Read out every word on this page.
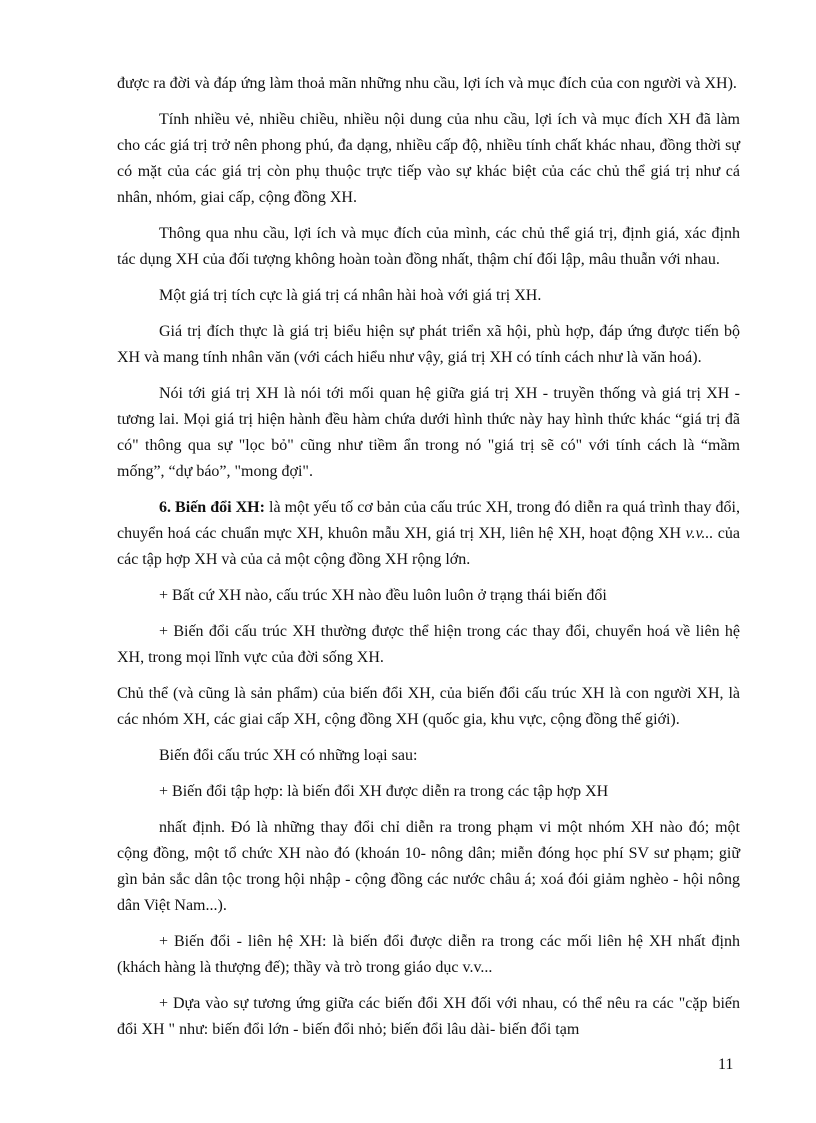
được ra đời và đáp ứng làm thoả mãn những nhu cầu, lợi ích và mục đích của con người và XH).

Tính nhiều vẻ, nhiều chiều, nhiều nội dung của nhu cầu, lợi ích và mục đích XH đã làm cho các giá trị trở nên phong phú, đa dạng, nhiều cấp độ, nhiều tính chất khác nhau, đồng thời sự có mặt của các giá trị còn phụ thuộc trực tiếp vào sự khác biệt của các chủ thể giá trị như cá nhân, nhóm, giai cấp, cộng đồng XH.

Thông qua nhu cầu, lợi ích và mục đích của mình, các chủ thể giá trị, định giá, xác định tác dụng XH của đối tượng không hoàn toàn đồng nhất, thậm chí đối lập, mâu thuẫn với nhau.

Một giá trị tích cực là giá trị cá nhân hài hoà với giá trị XH.

Giá trị đích thực là giá trị biểu hiện sự phát triển xã hội, phù hợp, đáp ứng được tiến bộ XH và mang tính nhân văn (với cách hiểu như vậy, giá trị XH có tính cách như là văn hoá).

Nói tới giá trị XH là nói tới mối quan hệ giữa giá trị XH - truyền thống và giá trị XH - tương lai. Mọi giá trị hiện hành đều hàm chứa dưới hình thức này hay hình thức khác “giá trị đã có" thông qua sự "lọc bỏ" cũng như tiềm ẩn trong nó "giá trị sẽ có" với tính cách là “mầm mống”, “dự báo”, "mong đợi".

6. Biến đổi XH: là một yếu tố cơ bản của cấu trúc XH, trong đó diễn ra quá trình thay đổi, chuyển hoá các chuẩn mực XH, khuôn mẫu XH, giá trị XH, liên hệ XH, hoạt động XH v.v... của các tập hợp XH và của cả một cộng đồng XH rộng lớn.

+ Bất cứ XH nào, cấu trúc XH nào đều luôn luôn ở trạng thái biến đổi

+ Biến đổi cấu trúc XH thường được thể hiện trong các thay đổi, chuyển hoá về liên hệ XH, trong mọi lĩnh vực của đời sống XH.

Chủ thể (và cũng là sản phẩm) của biến đổi XH, của biến đổi cấu trúc XH là con người XH, là các nhóm XH, các giai cấp XH, cộng đồng XH (quốc gia, khu vực, cộng đồng thế giới).

Biến đổi cấu trúc XH có những loại sau:

+ Biến đổi tập hợp: là biến đổi XH được diễn ra trong các tập hợp XH

nhất định. Đó là những thay đổi chỉ diễn ra trong phạm vi một nhóm XH nào đó; một cộng đồng, một tổ chức XH nào đó (khoán 10- nông dân; miễn đóng học phí SV sư phạm; giữ gìn bản sắc dân tộc trong hội nhập - cộng đồng các nước châu á; xoá đói giảm nghèo - hội nông dân Việt Nam...).

+ Biến đổi - liên hệ XH: là biến đổi được diễn ra trong các mối liên hệ XH nhất định (khách hàng là thượng đế); thầy và trò trong giáo dục v.v...

+ Dựa vào sự tương ứng giữa các biến đổi XH đối với nhau, có thể nêu ra các "cặp biến đổi XH " như: biến đổi lớn - biến đổi nhỏ; biến đổi lâu dài- biến đổi tạm

11
